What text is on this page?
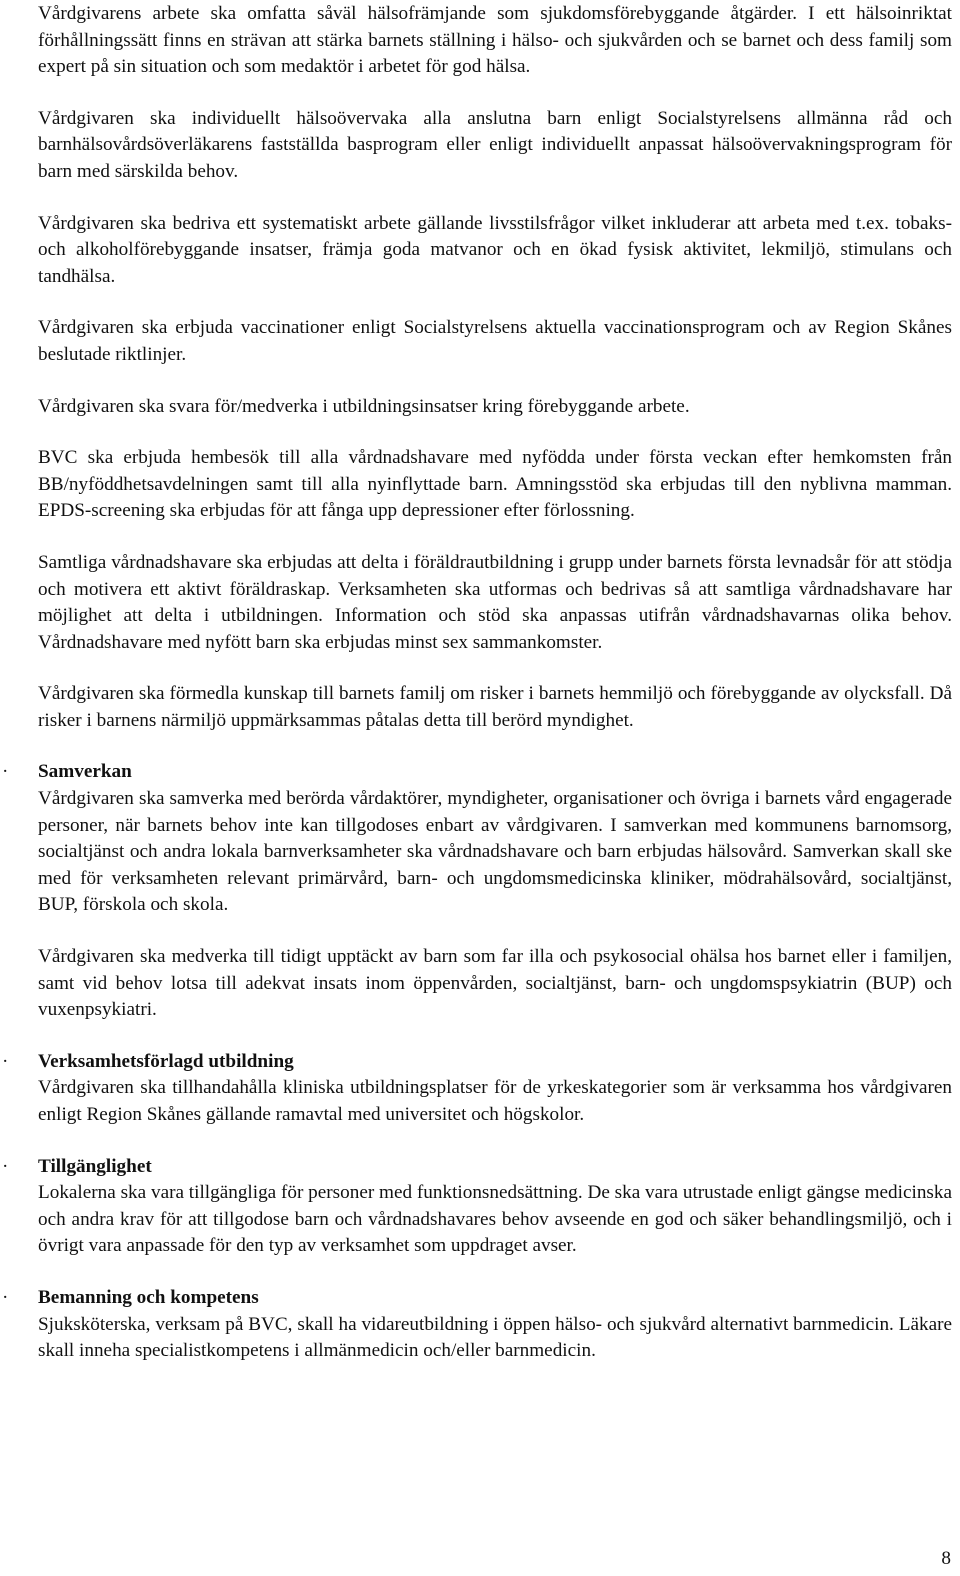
Vårdgivarens arbete ska omfatta såväl hälsofrämjande som sjukdomsförebyggande åtgärder. I ett hälsoinriktat förhållningssätt finns en strävan att stärka barnets ställning i hälso- och sjukvården och se barnet och dess familj som expert på sin situation och som medaktör i arbetet för god hälsa.

Vårdgivaren ska individuellt hälsoövervaka alla anslutna barn enligt Socialstyrelsens allmänna råd och barnhälsovårdsöverläkarens fastställda basprogram eller enligt individuellt anpassat hälsoövervakningsprogram för barn med särskilda behov.

Vårdgivaren ska bedriva ett systematiskt arbete gällande livsstilsfrågor vilket inkluderar att arbeta med t.ex. tobaks- och alkoholförebyggande insatser, främja goda matvanor och en ökad fysisk aktivitet, lekmiljö, stimulans och tandhälsa.

Vårdgivaren ska erbjuda vaccinationer enligt Socialstyrelsens aktuella vaccinationsprogram och av Region Skånes beslutade riktlinjer.

Vårdgivaren ska svara för/medverka i utbildningsinsatser kring förebyggande arbete.

BVC ska erbjuda hembesök till alla vårdnadshavare med nyfödda under första veckan efter hemkomsten från BB/nyföddhetsavdelningen samt till alla nyinflyttade barn. Amningsstöd ska erbjudas till den nyblivna mamman. EPDS-screening ska erbjudas för att fånga upp depressioner efter förlossning.

Samtliga vårdnadshavare ska erbjudas att delta i föräldrautbildning i grupp under barnets första levnadsår för att stödja och motivera ett aktivt föräldraskap. Verksamheten ska utformas och bedrivas så att samtliga vårdnadshavare har möjlighet att delta i utbildningen. Information och stöd ska anpassas utifrån vårdnadshavarnas olika behov. Vårdnadshavare med nyfött barn ska erbjudas minst sex sammankomster.

Vårdgivaren ska förmedla kunskap till barnets familj om risker i barnets hemmiljö och förebyggande av olycksfall. Då risker i barnens närmiljö uppmärksammas påtalas detta till berörd myndighet.

· Samverkan

Vårdgivaren ska samverka med berörda vårdaktörer, myndigheter, organisationer och övriga i barnets vård engagerade personer, när barnets behov inte kan tillgodoses enbart av vårdgivaren. I samverkan med kommunens barnomsorg, socialtjänst och andra lokala barnverksamheter ska vårdnadshavare och barn erbjudas hälsovård. Samverkan skall ske med för verksamheten relevant primärvård, barn- och ungdomsmedicinska kliniker, mödrahälsovård, socialtjänst, BUP, förskola och skola.

Vårdgivaren ska medverka till tidigt upptäckt av barn som far illa och psykosocial ohälsa hos barnet eller i familjen, samt vid behov lotsa till adekvat insats inom öppenvården, socialtjänst, barn- och ungdomspsykiatrin (BUP) och vuxenpsykiatri.

· Verksamhetsförlagd utbildning

Vårdgivaren ska tillhandahålla kliniska utbildningsplatser för de yrkeskategorier som är verksamma hos vårdgivaren enligt Region Skånes gällande ramavtal med universitet och högskolor.

· Tillgänglighet

Lokalerna ska vara tillgängliga för personer med funktionsnedsättning. De ska vara utrustade enligt gängse medicinska och andra krav för att tillgodose barn och vårdnadshavares behov avseende en god och säker behandlingsmiljö, och i övrigt vara anpassade för den typ av verksamhet som uppdraget avser.

· Bemanning och kompetens

Sjuksköterska, verksam på BVC, skall ha vidareutbildning i öppen hälso- och sjukvård alternativt barnmedicin. Läkare skall inneha specialistkompetens i allmänmedicin och/eller barnmedicin.

8
